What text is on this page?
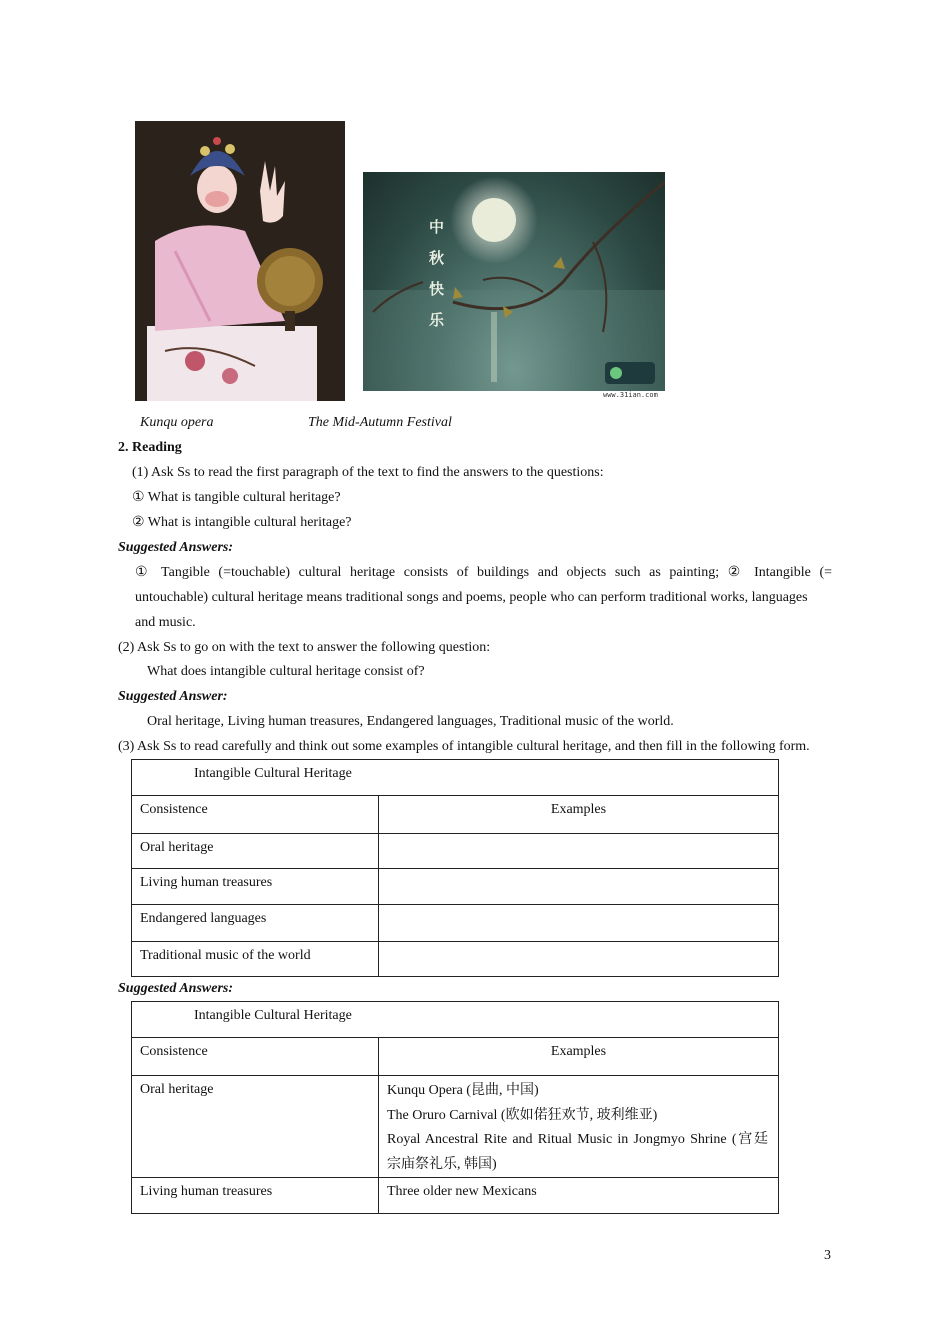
中秋快乐
www.31ian.com
Kunqu opera	The Mid-Autumn Festival
2. Reading
(1) Ask Ss to read the first paragraph of the text to find the answers to the questions:
① What is tangible cultural heritage?
② What is intangible cultural heritage?
Suggested Answers:
① Tangible (=touchable) cultural heritage consists of buildings and objects such as painting; ② Intangible (=
untouchable) cultural heritage means traditional songs and poems, people who can perform traditional works, languages
and music.
(2) Ask Ss to go on with the text to answer the following question:
What does intangible cultural heritage consist of?
Suggested Answer:
Oral heritage, Living human treasures, Endangered languages, Traditional music of the world.
(3) Ask Ss to read carefully and think out some examples of intangible cultural heritage, and then fill in the following form.
Intangible Cultural Heritage	
Consistence	Examples
Oral heritage	
Living human treasures	
Endangered languages	
Traditional music of the world	
Suggested Answers:
Intangible Cultural Heritage	
Consistence	Examples
Oral heritage	Kunqu Opera (昆曲, 中国)
The Oruro Carnival (欧如偌狂欢节, 玻利维亚)
Royal Ancestral Rite and Ritual Music in Jongmyo Shrine (宫廷
宗庙祭礼乐, 韩国)

Living human treasures	Three older new Mexicans
3
